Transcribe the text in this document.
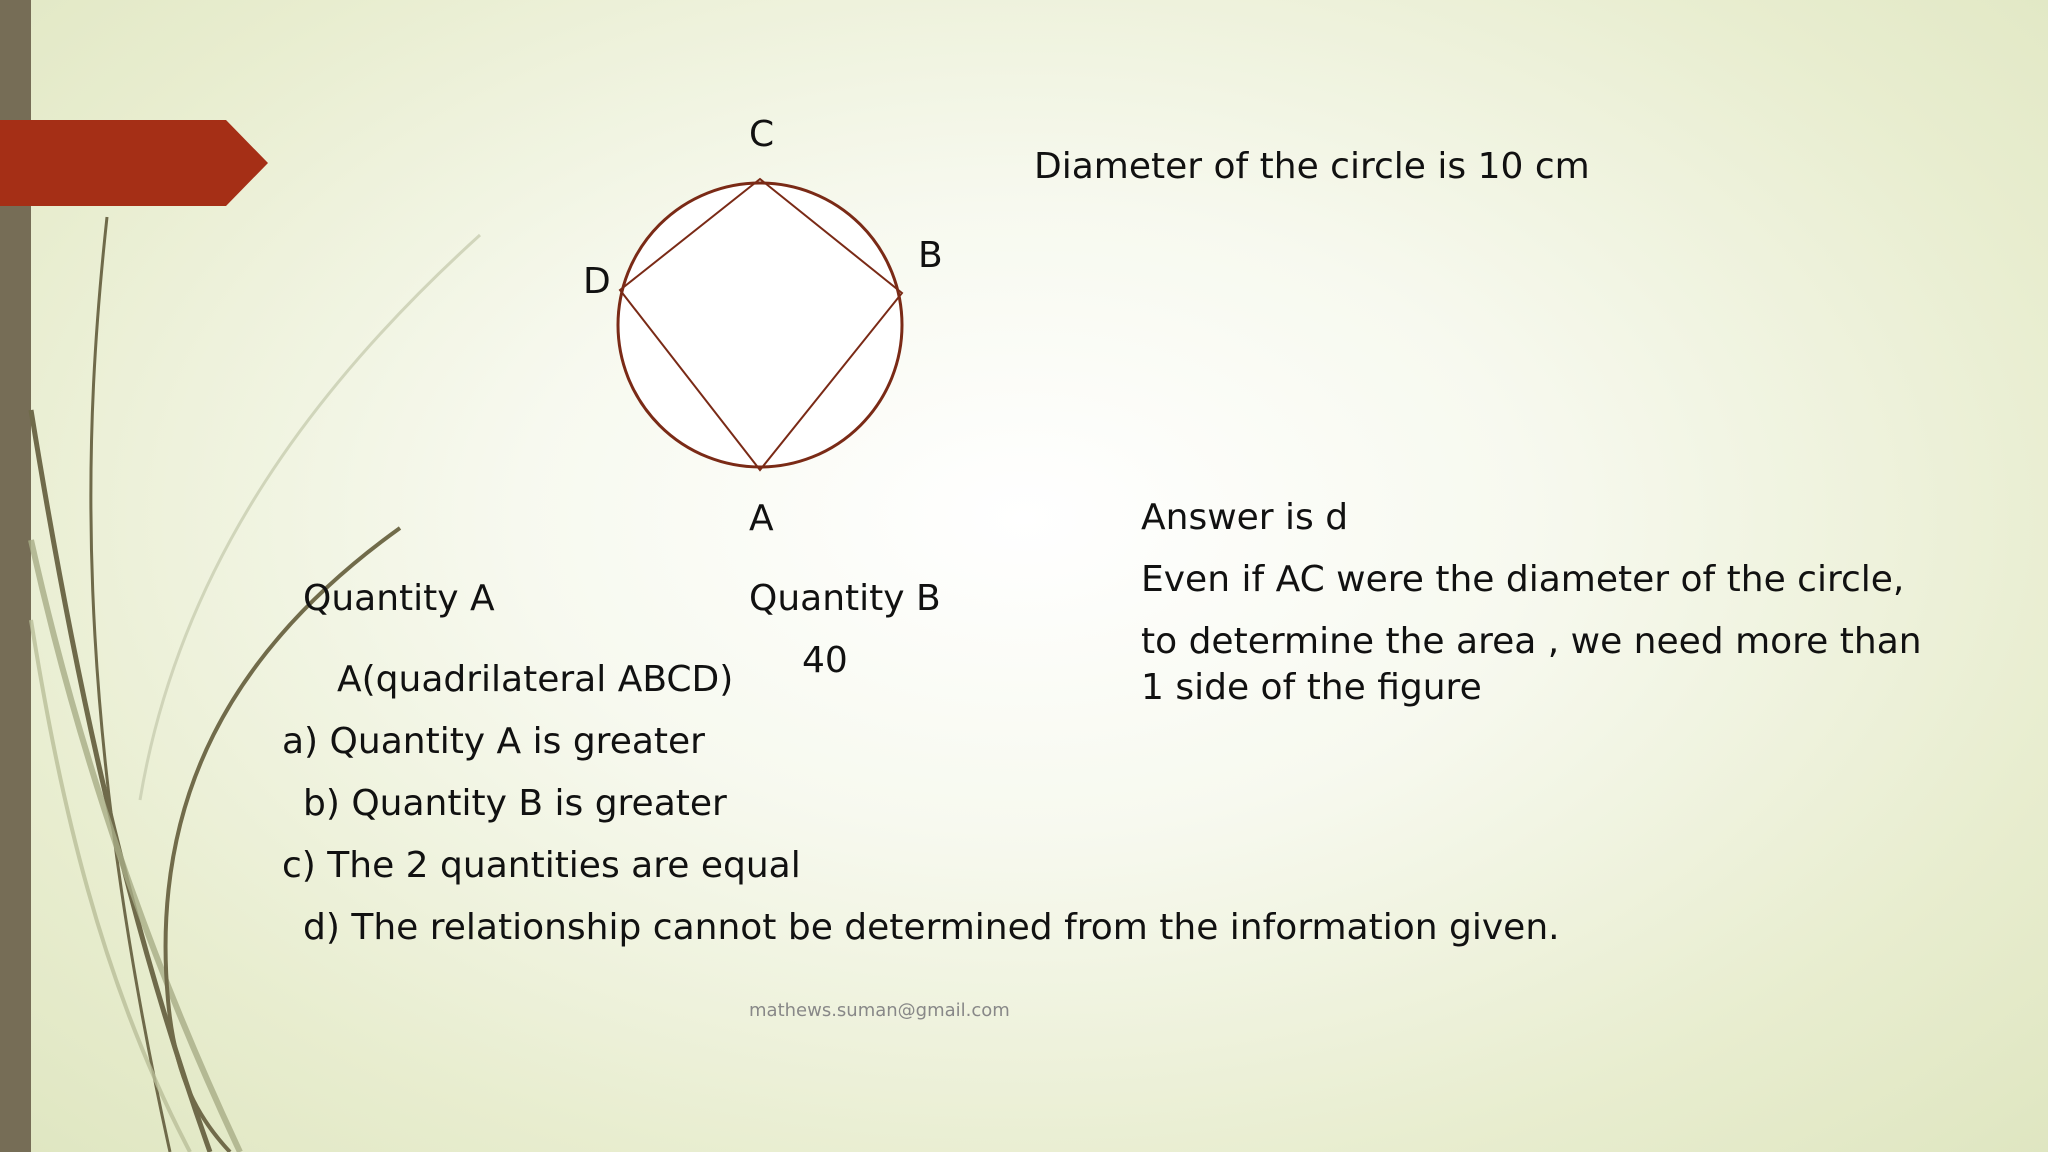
C
B
D
A
Diameter of the circle is 10 cm
Quantity A	Quantity B
A(quadrilateral ABCD) 40
a) Quantity A is greater
b) Quantity B is greater
c) The 2 quantities are equal
d) The relationship cannot be determined from the information given.
Answer is d
Even if AC were the diameter of the circle,
to determine the area , we need more than
1 side of the figure
mathews.suman@gmail.com
